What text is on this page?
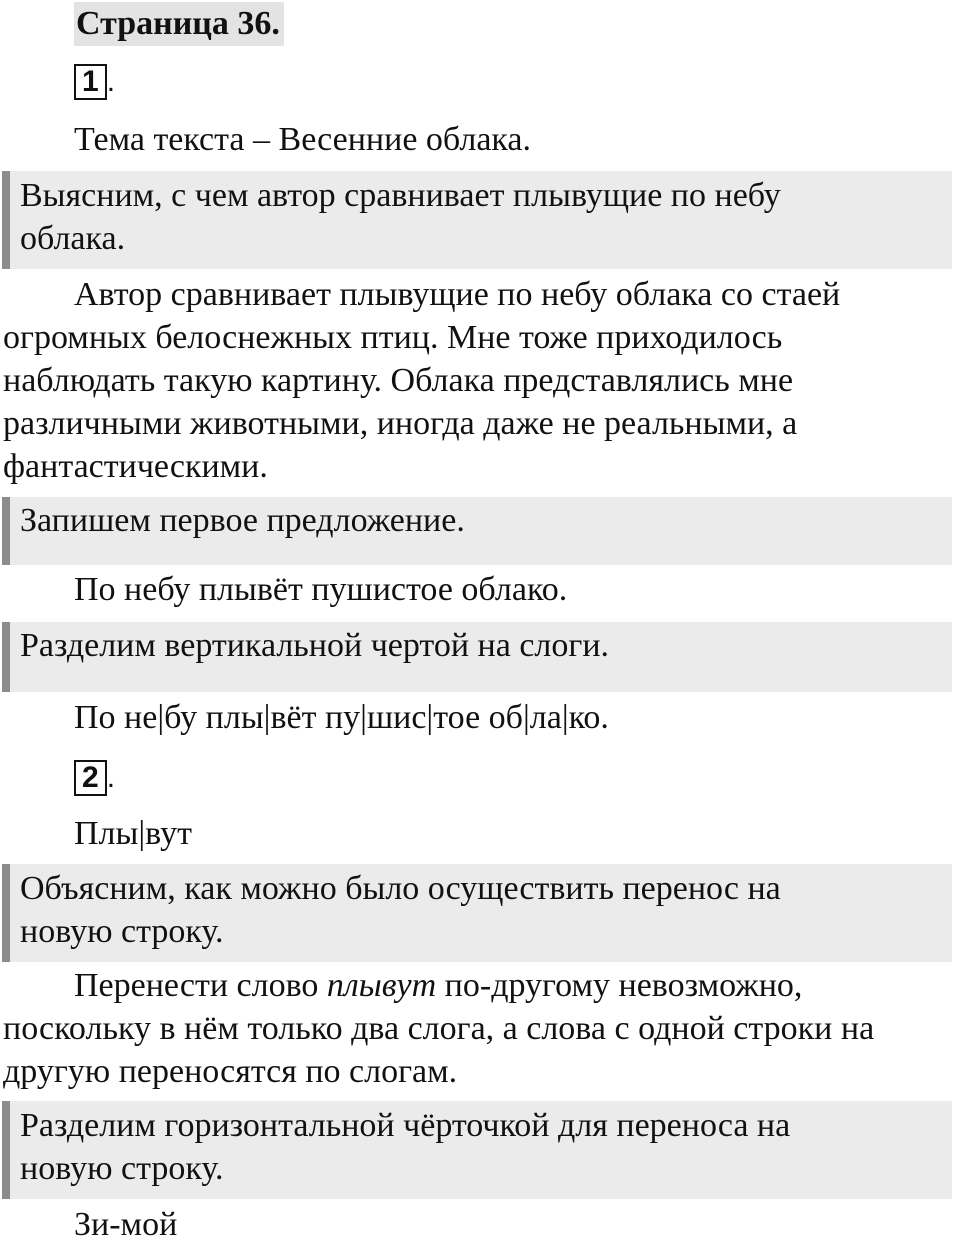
Страница 36.
1 .
Тема текста – Весенние облака.
Выясним, с чем автор сравнивает плывущие по небу
облака.
Автор сравнивает плывущие по небу облака со стаей
огромных белоснежных птиц. Мне тоже приходилось
наблюдать такую картину. Облака представлялись мне
различными животными, иногда даже не реальными, а
фантастическими.
Запишем первое предложение.
По небу плывёт пушистое облако.
Разделим вертикальной чертой на слоги.
По не|бу плы|вёт пу|шис|тое об|ла|ко.
2 .
Плы|вут
Объясним, как можно было осуществить перенос на
новую строку.
Перенести слово плывут по-другому невозможно,
поскольку в нём только два слога, а слова с одной строки на
другую переносятся по слогам.
Разделим горизонтальной чёрточкой для переноса на
новую строку.
Зи-мой
